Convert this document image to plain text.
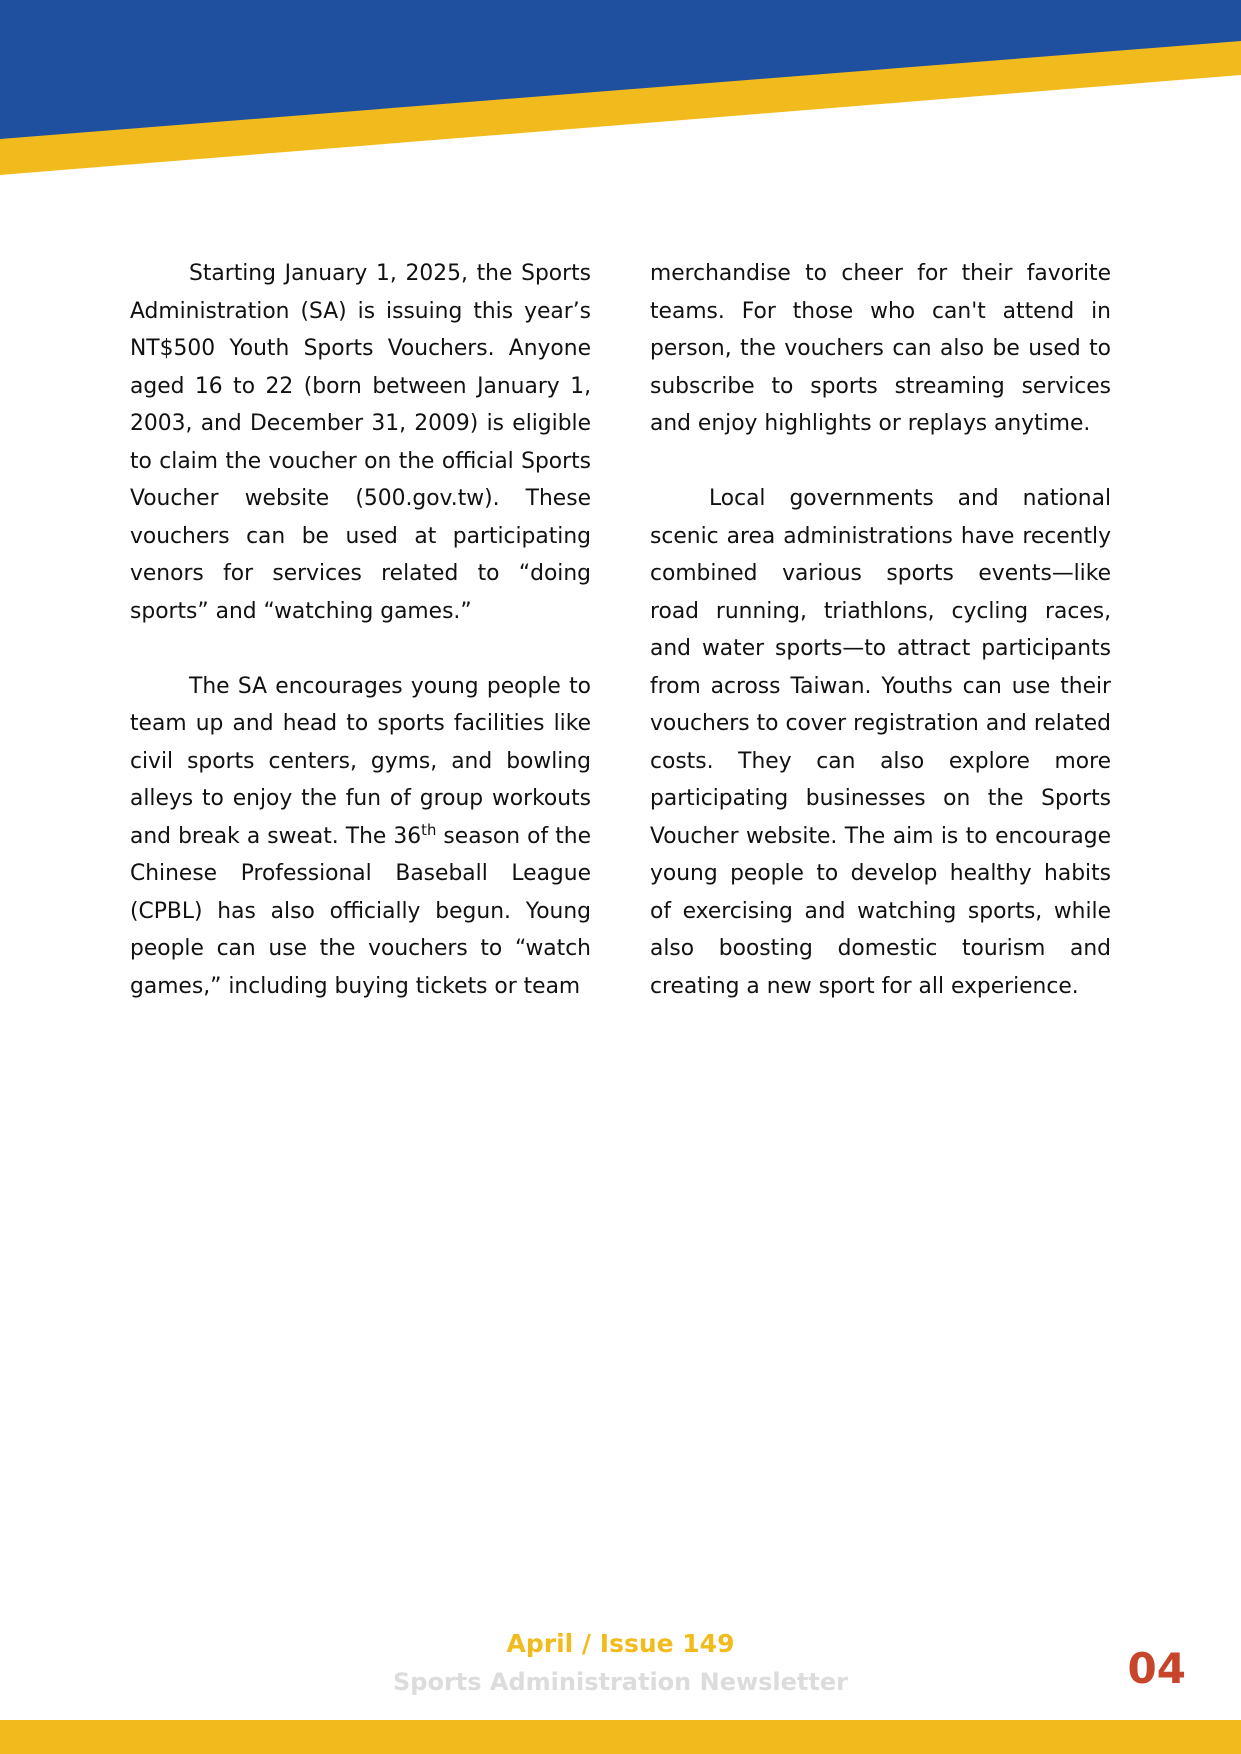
Starting January 1, 2025, the Sports Administration (SA) is issuing this year’s NT$500 Youth Sports Vouchers. Anyone aged 16 to 22 (born between January 1, 2003, and December 31, 2009) is eligible to claim the voucher on the official Sports Voucher website (500.gov.tw). These vouchers can be used at participating venors for services related to “doing sports” and “watching games.”

The SA encourages young people to team up and head to sports facilities like civil sports centers, gyms, and bowling alleys to enjoy the fun of group workouts and break a sweat. The 36th season of the Chinese Professional Baseball League (CPBL) has also officially begun. Young people can use the vouchers to “watch games,” including buying tickets or team

merchandise to cheer for their favorite teams. For those who can't attend in person, the vouchers can also be used to subscribe to sports streaming services and enjoy highlights or replays anytime.

Local governments and national scenic area administrations have recently combined various sports events—like road running, triathlons, cycling races, and water sports—to attract participants from across Taiwan. Youths can use their vouchers to cover registration and related costs. They can also explore more participating businesses on the Sports Voucher website. The aim is to encourage young people to develop healthy habits of exercising and watching sports, while also boosting domestic tourism and creating a new sport for all experience.

April / Issue 149
Sports Administration Newsletter	04
